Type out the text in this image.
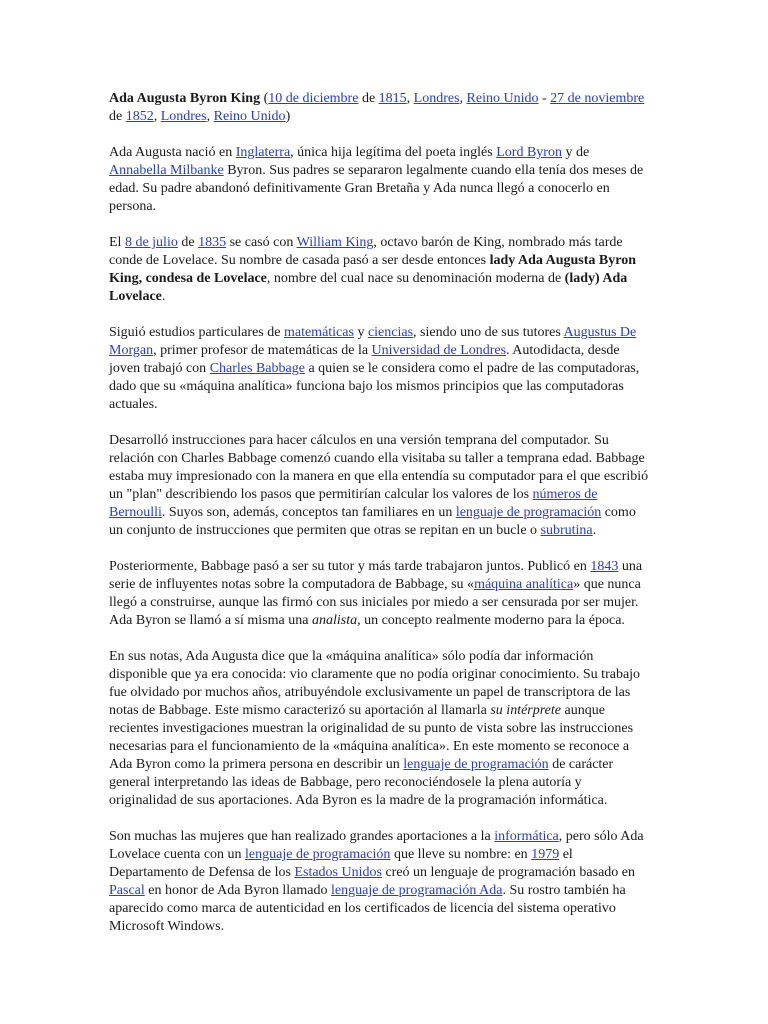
Ada Augusta Byron King (10 de diciembre de 1815, Londres, Reino Unido - 27 de noviembre de 1852, Londres, Reino Unido)

Ada Augusta nació en Inglaterra, única hija legítima del poeta inglés Lord Byron y de Annabella Milbanke Byron. Sus padres se separaron legalmente cuando ella tenía dos meses de edad. Su padre abandonó definitivamente Gran Bretaña y Ada nunca llegó a conocerlo en persona.

El 8 de julio de 1835 se casó con William King, octavo barón de King, nombrado más tarde conde de Lovelace. Su nombre de casada pasó a ser desde entonces lady Ada Augusta Byron King, condesa de Lovelace, nombre del cual nace su denominación moderna de (lady) Ada Lovelace.

Siguió estudios particulares de matemáticas y ciencias, siendo uno de sus tutores Augustus De Morgan, primer profesor de matemáticas de la Universidad de Londres. Autodidacta, desde joven trabajó con Charles Babbage a quien se le considera como el padre de las computadoras, dado que su «máquina analítica» funciona bajo los mismos principios que las computadoras actuales.

Desarrolló instrucciones para hacer cálculos en una versión temprana del computador. Su relación con Charles Babbage comenzó cuando ella visitaba su taller a temprana edad. Babbage estaba muy impresionado con la manera en que ella entendía su computador para el que escribió un "plan" describiendo los pasos que permitirían calcular los valores de los números de Bernoulli. Suyos son, además, conceptos tan familiares en un lenguaje de programación como un conjunto de instrucciones que permiten que otras se repitan en un bucle o subrutina.

Posteriormente, Babbage pasó a ser su tutor y más tarde trabajaron juntos. Publicó en 1843 una serie de influyentes notas sobre la computadora de Babbage, su «máquina analítica» que nunca llegó a construirse, aunque las firmó con sus iniciales por miedo a ser censurada por ser mujer. Ada Byron se llamó a sí misma una analista, un concepto realmente moderno para la época.

En sus notas, Ada Augusta dice que la «máquina analítica» sólo podía dar información disponible que ya era conocida: vio claramente que no podía originar conocimiento. Su trabajo fue olvidado por muchos años, atribuyéndole exclusivamente un papel de transcriptora de las notas de Babbage. Este mismo caracterizó su aportación al llamarla su intérprete aunque recientes investigaciones muestran la originalidad de su punto de vista sobre las instrucciones necesarias para el funcionamiento de la «máquina analítica». En este momento se reconoce a Ada Byron como la primera persona en describir un lenguaje de programación de carácter general interpretando las ideas de Babbage, pero reconociéndosele la plena autoría y originalidad de sus aportaciones. Ada Byron es la madre de la programación informática.

Son muchas las mujeres que han realizado grandes aportaciones a la informática, pero sólo Ada Lovelace cuenta con un lenguaje de programación que lleve su nombre: en 1979 el Departamento de Defensa de los Estados Unidos creó un lenguaje de programación basado en Pascal en honor de Ada Byron llamado lenguaje de programación Ada. Su rostro también ha aparecido como marca de autenticidad en los certificados de licencia del sistema operativo Microsoft Windows.
